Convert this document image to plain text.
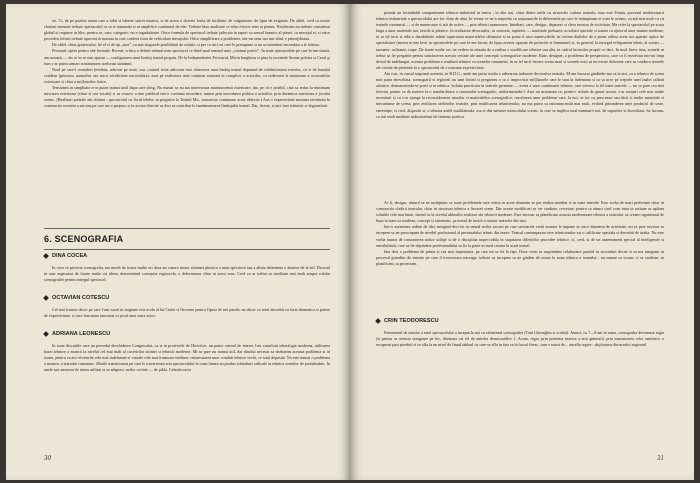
rie. Ci, de pe pozitia unora care a iubit si iubeste sincer muzica, si de aceea o doreste ferita de facilitate, de vulgarizare, de lipsa de exigenta. De altfel, cred ca aceste claritati mentate trebuie spectacolul ca sa si transmita si sa amplifice continutul de idei. Trebuie bine analizate ce educ efectiv sens ai pentru. Nicidecum nu trebuie considerat globul si respinse in bloc, pentru ce, care, categoric, nu e ingaduitoare. Orice formula de spectacol trebuie judecata in raport cu sensul launtric al piesei, cu mesajul ei, si orice procedeu folosit trebuie apreciat in masura in care confera forta de vehiculare mesajului. Orice simplificare a problemei, intr-un sens sau intr-altul, e primejdioasa.

De altfel, chiar grotescului, fie el si de tip „nou”, cu atat singurele posibilitati de solutie, si per ca nici ori care le presupune si nu se intretinut necondata a le fetinsa.

Personal, optez pentru alte formule. Recent, critica a definit ultimul meu spectacol ca fiind unul semnul unei „criziuni poetic”. In toate spectacolele pe care le-am ubutit, am urmarit — dn ce in ce mai apasat — configurarea unui limbaj teatral propriu. De la Independentei Fecioarul, Miciu burghezu si pina la recentele Strana poloria si Carul şi fum s-ar putea urmari continutarea acelorasi stradanii.

Noul pe care-l consideri (evident, adecvat pe texte, sau, cautind texte adecvate este obiecerea unui limbaj teatral depasind de exhibitionism exterior, cit si de banalul cotidian (piturecu, naturalist sau mica veridicitate necorulista), axat pe realizarea unei continue tensiuni in complicit a actorilor, cu redecerea la minimum a accesoriilor exterioare si chiar a mijloacelor fizice.

Tensiunea in simplitate n-ar putea numai noul dupa care alerg. Nu numai ca nu ma intereseaza manunocentii exterioare, dar, pe cit e posibil, caut sa reduc la minimum miscarea exterioara (chiar si cea vocala) si sa reusesc a tine publicul intr-o continua incordare, numai prin incordarea psihica a actorilor, prin dinamica interioara a jocului scenic. (Realizari partiale am obtinut : spectacolul cu Jocul ielelor, in pregatire la Teatrul Mic, urmareste continuare acest obiectiv.) Asa o expresivitate maxima terminata la constructia acesteia a sarcina pe care mi-o propun, si in acesta directie as dori sa contribui la fundamentarea limbajului teatral. Dar, fireste, si aici fara fetitatiei si dogmatitati.

6. SCENOGRAFIA
DINA COCEA

In ceea ce priveste scenografia, ma intreb de foarte multe ori daca nu cumva insasi viziunea plastica a unui spectacol sau a altuia determina o abatere de la stil. Decorul in sine asgereaza de foarte multe ori ideea, determinind conceptia regizorala, o deformeaza chiar in acest sens. Cred ca ar trebui sa meditam mai mult asupra rolului scenografiei pentru intregul spectacol.

OCTAVIAN COTESCU

Cel mai frumos decor pe care l-am vazut in stagiune este acela al lui Ciulei si Orovean pentru Opera de trei parale, un decor cu totul deosebit cu forta dramatica si putere de expresivitate, si care functiona intocmai ca jocul unui mare actor.

ADRIANA LEONESCU

In toate discutiile care au precedat deschiderea Congresului, ca si in proiectele de Directive, un punct central de interes l-au constituit tehnologia moderna, utilizarea bazei tehnice a muncii la nivelul cel mai inalt al cuceririlor stiintei si tehnicii moderne. Mi se pare nu numai util, dar absolut necesar sa dezbatem aceasta problema si in teatru, pentru ca aici eforturile cele mai indelunate si vizuale cele mai frumoase intilnesc reinzestrarea unor conditii tehnice vechi, ce totul depasite. Nu este numai o problema a noastra, a teatrului romanesc. Marile transformari pe care le traverseaza arta spectacolului la toata lumea au produs schimbari radicale in tehnica scenelor de pretutindeni. In unele tari anonimi de teatru utilizat si se adaptesc noilor cerinte — de pilda, Cehoslovacia

30

poseda un formidabil compartiment tehnico-industrial in teatru ; in alte tari, chiar dintre tarile cu straveche cultura teatrala, cum este Franta, procesul modernizarii tehnico-industriale a spectacolului are loc chiar de abia. In vreme ce ne-a atepcilm ca raspunsurile la diferentele pe care le intimpinam si vom le aveam, cu atit mai mult cu cit teatrele romanesti — si de numeroase si atit de active — prin tehnici numeroase. Intrebari, care, desigur, depasesc si sfera noastra de activitate. Ma refer la spectacolul pe scara larga a unor materiale noi, textile si plastice. In realizarea decorurilor, in croitorie, tapiterie — materiale preluarte cu solutii speciale si tratate cu ajutorul unor masini moderne, in sa fel incit si aiba o durabilitate infinit superioara materialelor obisnuite si sa poata fi usor manevrabile, in cerinta dialtelor de a putea utiliza acest noi aparate optice de specializare (mereu m-am lovit in spectacolele pe care le-am lucrat, de lipsa acestor aparate de proiectie si iluminare) si, in general, la intregul echipament tehnic al scenei — turnante, culisante, trape. De foarte multe ori, ne vedem in situatia de a realiza o modificare tehnica sau alta, in cadrul facturilor proprii ce deci. In mod firesc insa, scenele ar trebui sa fie pregatite pentru satisfacerea acestor cerinte ale unei conceptii scenografice moderne. Rate, designer, o problema de perspectiva, care cu fi rezolvata intr-un timp destul de indelungat, aceasta problema a reutilarii tehnice cu scenelor romanesti, in sa fel incit fiecare scena mari si scenele mici sa nu existe diferente care sa conduca teatrele ale creatie de pretentie la o spectacolul de o maxima expresivitate.

Am fost, in cursul stagiunii acesteia, in R.D.G., unde am putut studia o adevarata industrie decorativa teatrala. M-am bucurat gindindu-ma ca la noi, cu o tehnica de scena mai putin dezvoltata, scenografii si regizorii nu sunt fortati si pregateau o ca o improvizie miljluacele care le stau la indemana si ca sa urce pe treptele unei inalte calitati artistice, demonstrindu-se poeti si in tehnica. Solutia practicata in teatrele germane — aceea a unor combinatie tehnice, care servesc la fel toate teatrele — mi se pare cea mai fericita, pentru ca da nastere la o standardizare a sistemului scenografic, uniformizindu-l. Asta nu inseamna ca, printr-o solutie de genul acesta, s-ar acoperi cele mai multe necesitati si ca s-ar ajunge la reconsiderarea uzurilor si materialelor scenografice, rezolvarea unor probleme care, la noi, se fac cu prea mari sacrificii si multe materiale si mecanisme de scena, prin reutilarea atelierelor teatrale, prin realificarea tehnicienilor, nu ma putea sa rationam mult mai mult, evitind pitrunderea unei productii de serie, stereotipe, si cred, dispoziii si, o tehnica astfel multilaterala, asa si dea naistere miracolului scenic, in care se implica total masinarii noi, de suprafete si dezvoltata. Sa lucram, cu toti mult meditate industrializat de fantezie poetica.

Ar fi, desigur, absurd sa ne inchipuim ca toate problemele care exista in acest domeniu se pot realiza imediat si in toate teatrele. Este vorba de mari preferinte chiar in constructia cladirii teatrului, chiar in structura tehnica a fiecarei scene. Dar aceste modificari se cer studiate, cercetate, pentru ca atunci cind vom intra in actiune sa apliam solutiile cele mai bune, facind ca la nivelul ultimelor realizari ale tehnicii moderne. Este necesar sa planificam aceasta modernizare tehnica a teatrului, sa cream organismul de baza in stare sa studieze, concept si sistematic, procesul de inoire a tuturor teatrelor din tara.

Intr-o asemenea ordine de idei, mergind deci tot in sensul noilor sarcini pe care sectoarele vietii noastre le impune in orice domeniu de activitate, mi se pare necesar sa incepem sa ne preocupam de nivelul profesional al personalului tehnic din teatre. Teatrul contemporan cere tehnicienilor sai o calificare speciala si deosebit de inalta. Nu este vorba numai de cunoasterea noilor utilaje si de o disciplina impeccabila in stapinirea diferitelor procedee tehnice, ci, cred, si de un antrenament special al inteligentei si sensibilitatii, care sa fie depindete profesionalului sa fie la parte in mod creator la actul teatral.

Iata deci o problema de prima si cea mai importanta, pe care mi se fie la fapt. Daca vrem sa raspundem colaborator paralel in seconduri decite si sa ma integram in procesul grandios de innoire pe care il traverseaza intreaga, trebuie sa incepem sa ne gindim de astazi la noua tehnica a teatrului ; nu numai sa visam, ci sa studiem, sa planificam, sa proiectam.

CRIN TEODORESCU

Fenomenul de innoire a artei spectacolului a inceput la noi cu elementul scenografiei (Toni Gheorghiu si scalati). Atunci, cu 7—8 ani in urma, scenografia devansase regia (si pentru ca aceasta staagnase pe loc, diremata cai fel de anticha democratiilor 1. Acum, regia, prin prezenta masiva a noii generatii, prin maturizarea celor anteriare, a recuperat pasi pierduti si se afla la un nivel de fimul tabloul cu care se afla in fata sa la lucrul firesc, care e totusi de... ancella regise : slujitoarea discursului regizoral

31
